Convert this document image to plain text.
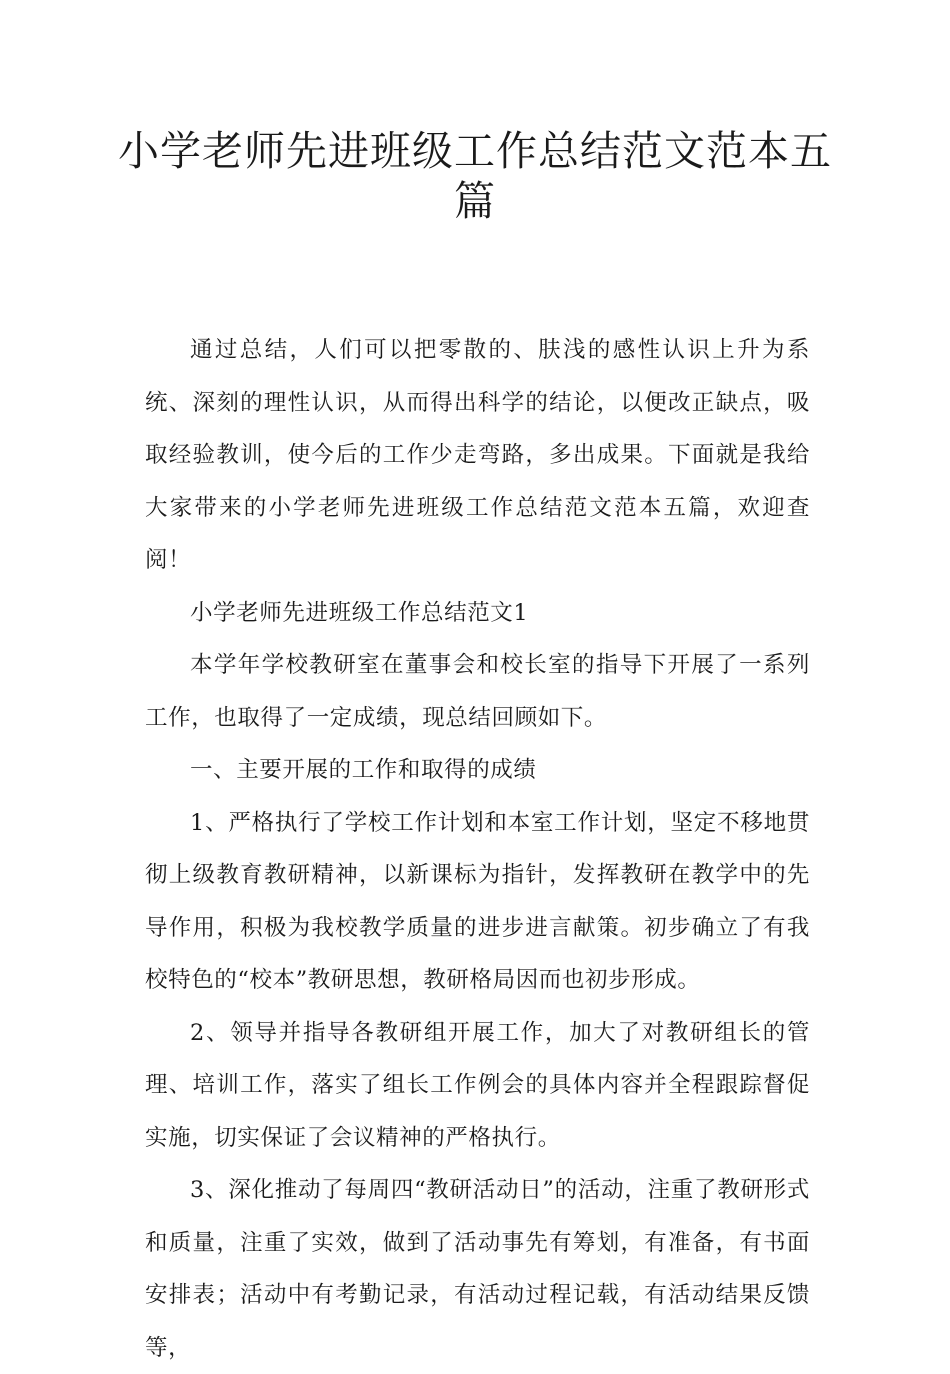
小学老师先进班级工作总结范文范本五篇

通过总结，人们可以把零散的、肤浅的感性认识上升为系统、深刻的理性认识，从而得出科学的结论，以便改正缺点，吸取经验教训，使今后的工作少走弯路，多出成果。下面就是我给大家带来的小学老师先进班级工作总结范文范本五篇，欢迎查阅！

小学老师先进班级工作总结范文1

本学年学校教研室在董事会和校长室的指导下开展了一系列工作，也取得了一定成绩，现总结回顾如下。

一、主要开展的工作和取得的成绩

1、严格执行了学校工作计划和本室工作计划，坚定不移地贯彻上级教育教研精神，以新课标为指针，发挥教研在教学中的先导作用，积极为我校教学质量的进步进言献策。初步确立了有我校特色的“校本”教研思想，教研格局因而也初步形成。

2、领导并指导各教研组开展工作，加大了对教研组长的管理、培训工作，落实了组长工作例会的具体内容并全程跟踪督促实施，切实保证了会议精神的严格执行。

3、深化推动了每周四“教研活动日”的活动，注重了教研形式和质量，注重了实效，做到了活动事先有筹划，有准备，有书面安排表；活动中有考勤记录，有活动过程记载，有活动结果反馈等，
